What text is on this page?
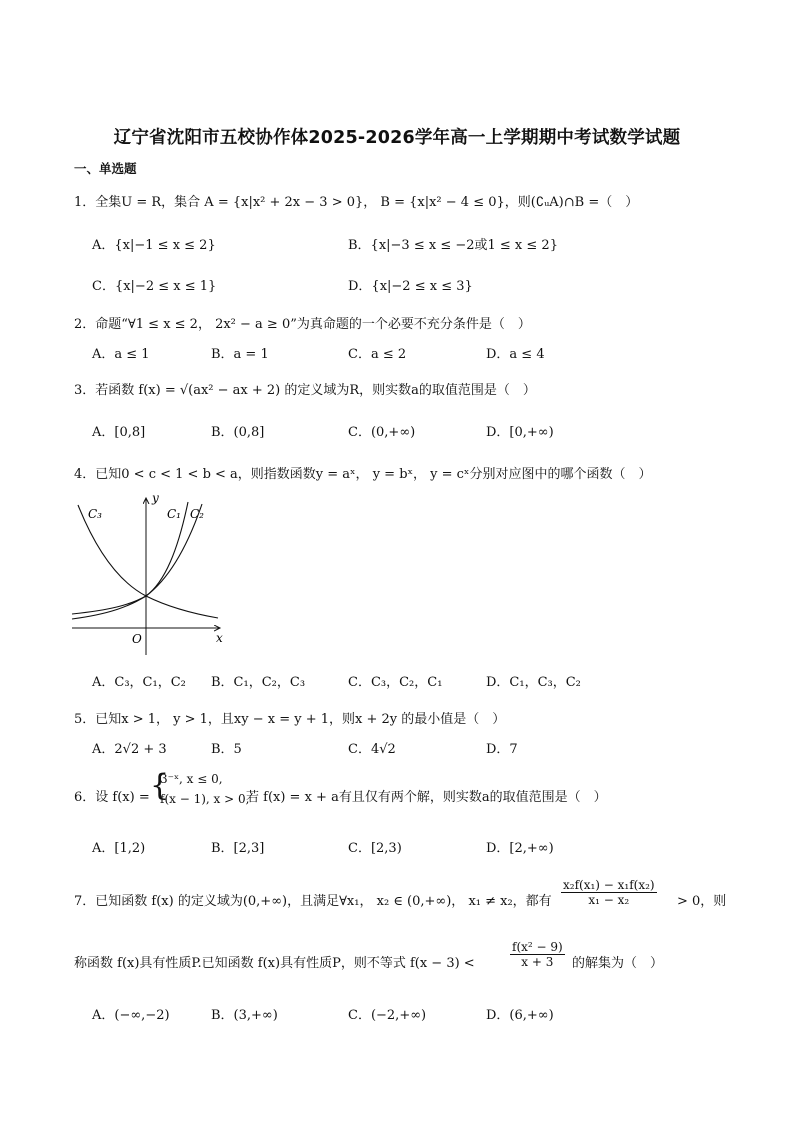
辽宁省沈阳市五校协作体2025-2026学年高一上学期期中考试数学试题
一、单选题
1．全集U = R，集合 A = {x|x² + 2x − 3 > 0}， B = {x|x² − 4 ≤ 0}，则(∁ᵤA)∩B =（　）
A．{x|−1 ≤ x ≤ 2}	B．{x|−3 ≤ x ≤ −2或1 ≤ x ≤ 2}
C．{x|−2 ≤ x ≤ 1}	D．{x|−2 ≤ x ≤ 3}
2．命题“∀1 ≤ x ≤ 2， 2x² − a ≥ 0”为真命题的一个必要不充分条件是（　）
A．a ≤ 1	B．a = 1	C．a ≤ 2	D．a ≤ 4
3．若函数 f(x) = √(ax² − ax + 2) 的定义域为R，则实数a的取值范围是（　）
A．[0,8]	B．(0,8]	C．(0,+∞)	D．[0,+∞)
4．已知0 < c < 1 < b < a，则指数函数y = aˣ， y = bˣ， y = cˣ分别对应图中的哪个函数（　）
C₃	C₁ C₂
y
x
O
A．C₃，C₁，C₂ B．C₁，C₂，C₃	C．C₃，C₂，C₁	D．C₁，C₃，C₂
5．已知x > 1， y > 1，且xy − x = y + 1，则x + 2y 的最小值是（　）
A．2√2 + 3	B．5	C．4√2	D．7
6．设 f(x) = {
3⁻ˣ, x ≤ 0,
f(x − 1), x > 0,
若 f(x) = x + a有且仅有两个解，则实数a的取值范围是（　）
A．[1,2)	B．[2,3]	C．[2,3)	D．[2,+∞)
7．已知函数 f(x) 的定义域为(0,+∞)，且满足∀x₁， x₂ ∈ (0,+∞)， x₁ ≠ x₂，都有 $\frac{\text{x₂f(x₁) − x₁f(x₂)}}{\text{x₁ − x₂}} > 0$，则
称函数 f(x)具有性质P.已知函数 f(x)具有性质P，则不等式 f(x − 3) <	$\frac{\text{f(x² − 9)}}{x + 3}$ 的解集为（　）
A．(−∞,−2)	B．(3,+∞)	C．(−2,+∞)	D．(6,+∞)
